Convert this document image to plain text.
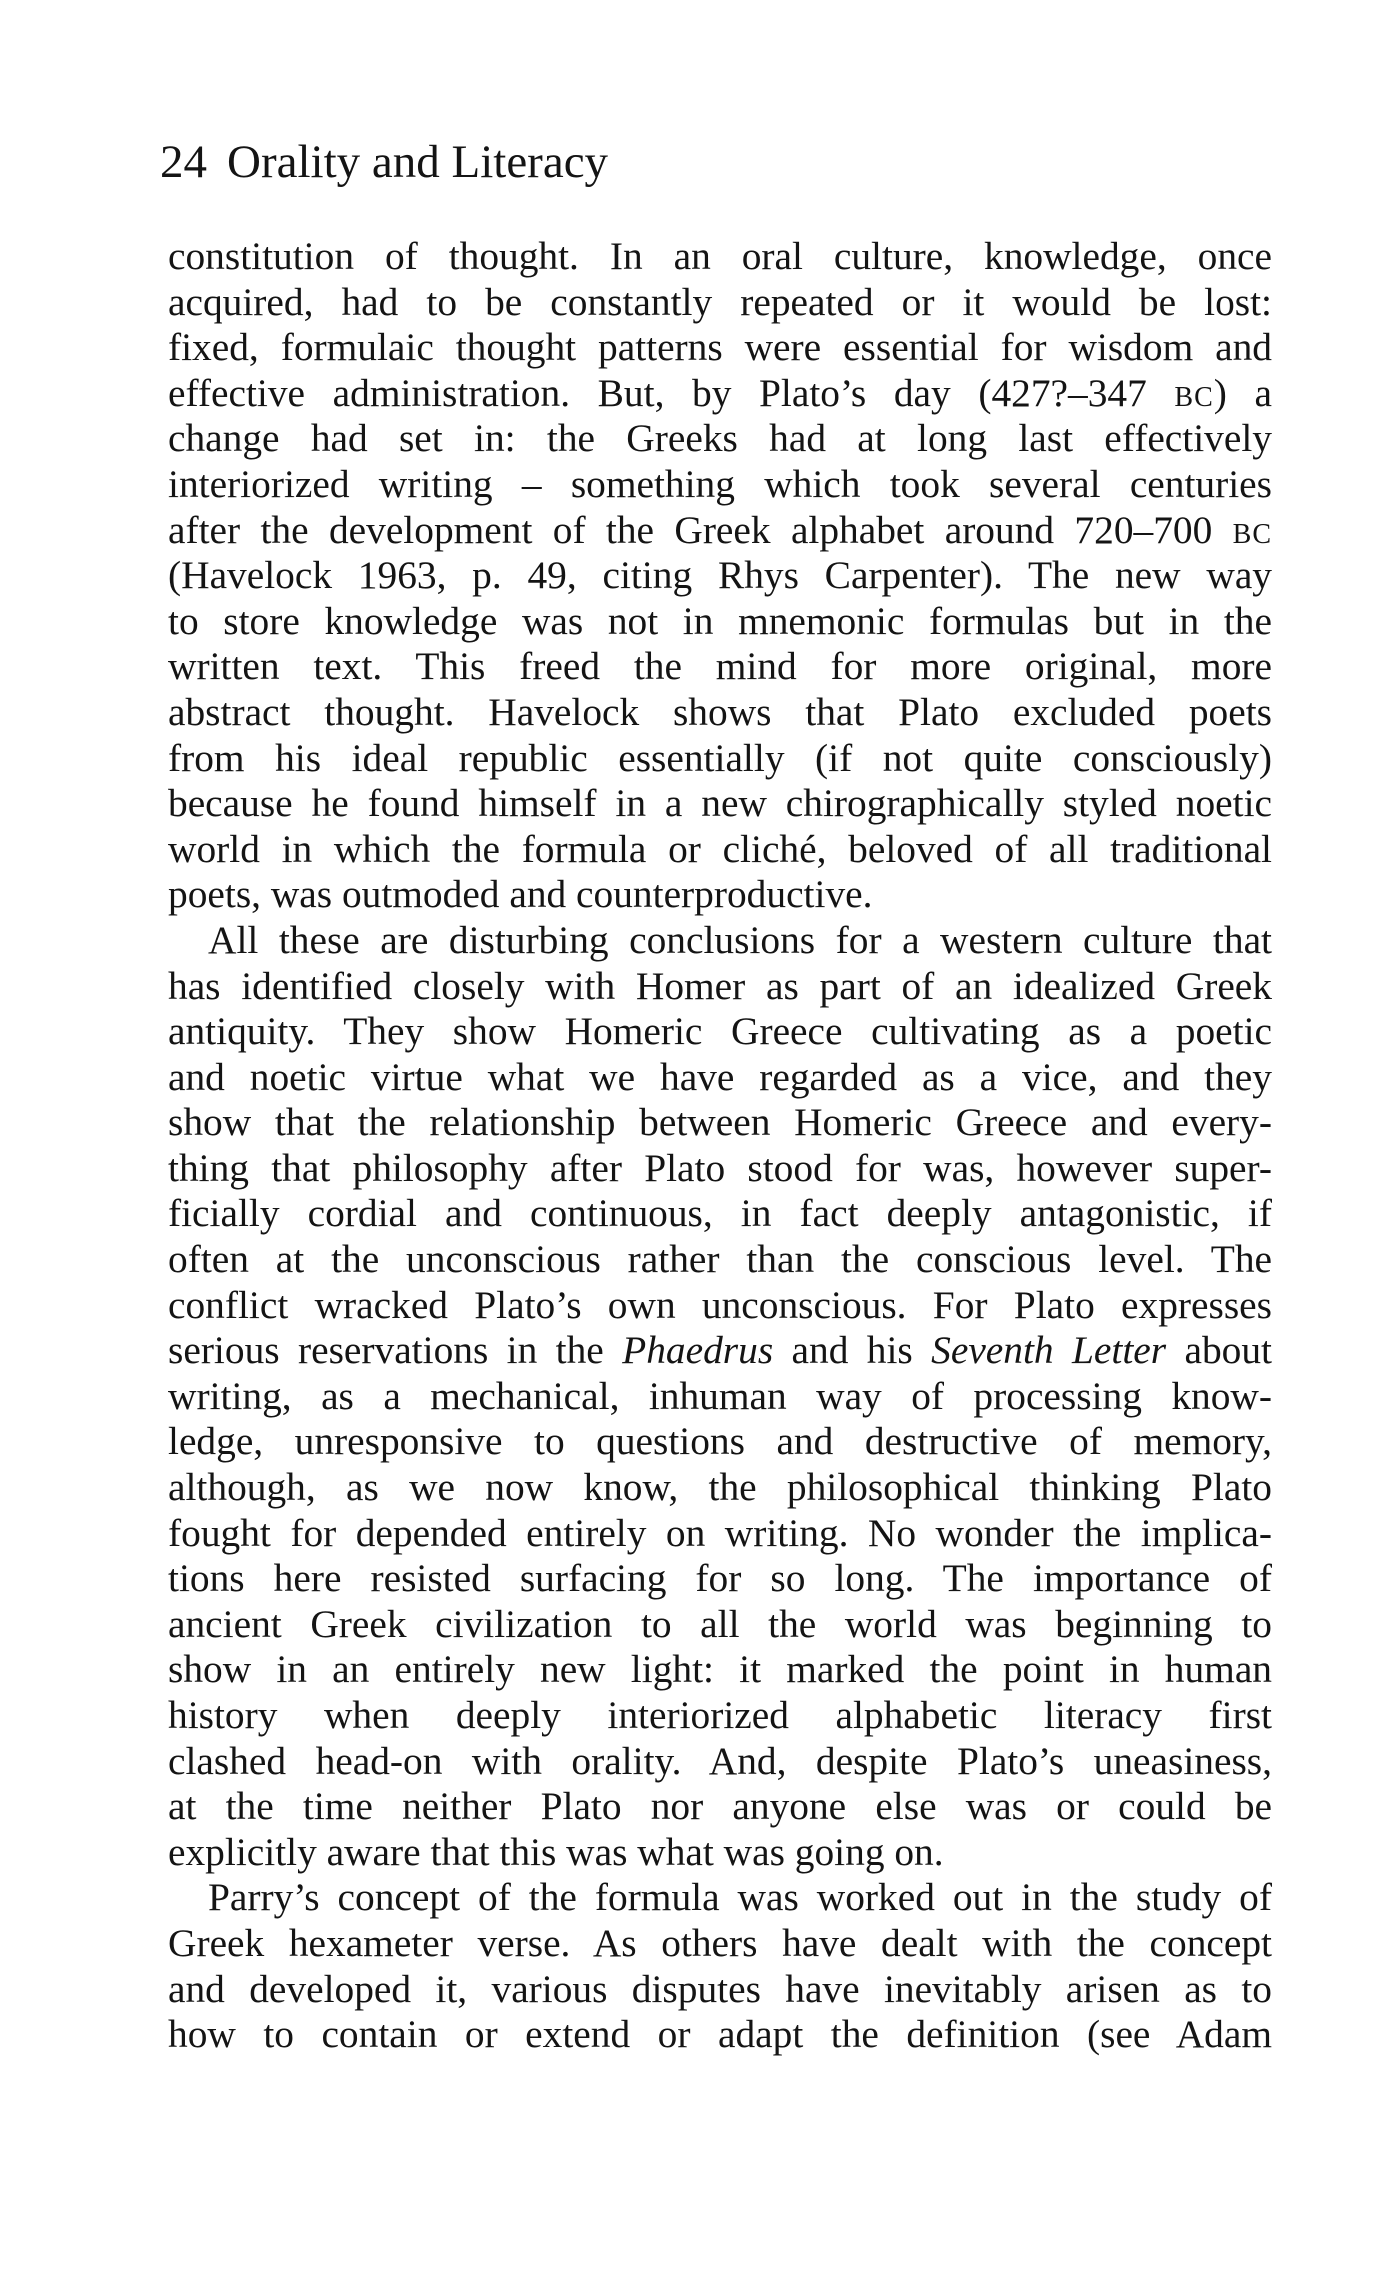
24 Orality and Literacy
constitution of thought. In an oral culture, knowledge, once
acquired, had to be constantly repeated or it would be lost:
fixed, formulaic thought patterns were essential for wisdom and
effective administration. But, by Plato’s day (427?–347 BC) a
change had set in: the Greeks had at long last effectively
interiorized writing – something which took several centuries
after the development of the Greek alphabet around 720–700 BC
(Havelock 1963, p. 49, citing Rhys Carpenter). The new way
to store knowledge was not in mnemonic formulas but in the
written text. This freed the mind for more original, more
abstract thought. Havelock shows that Plato excluded poets
from his ideal republic essentially (if not quite consciously)
because he found himself in a new chirographically styled noetic
world in which the formula or cliché, beloved of all traditional
poets, was outmoded and counterproductive.
All these are disturbing conclusions for a western culture that
has identified closely with Homer as part of an idealized Greek
antiquity. They show Homeric Greece cultivating as a poetic
and noetic virtue what we have regarded as a vice, and they
show that the relationship between Homeric Greece and every-
thing that philosophy after Plato stood for was, however super-
ficially cordial and continuous, in fact deeply antagonistic, if
often at the unconscious rather than the conscious level. The
conflict wracked Plato’s own unconscious. For Plato expresses
serious reservations in the Phaedrus and his Seventh Letter about
writing, as a mechanical, inhuman way of processing know-
ledge, unresponsive to questions and destructive of memory,
although, as we now know, the philosophical thinking Plato
fought for depended entirely on writing. No wonder the implica-
tions here resisted surfacing for so long. The importance of
ancient Greek civilization to all the world was beginning to
show in an entirely new light: it marked the point in human
history when deeply interiorized alphabetic literacy first
clashed head-on with orality. And, despite Plato’s uneasiness,
at the time neither Plato nor anyone else was or could be
explicitly aware that this was what was going on.
Parry’s concept of the formula was worked out in the study of
Greek hexameter verse. As others have dealt with the concept
and developed it, various disputes have inevitably arisen as to
how to contain or extend or adapt the definition (see Adam
